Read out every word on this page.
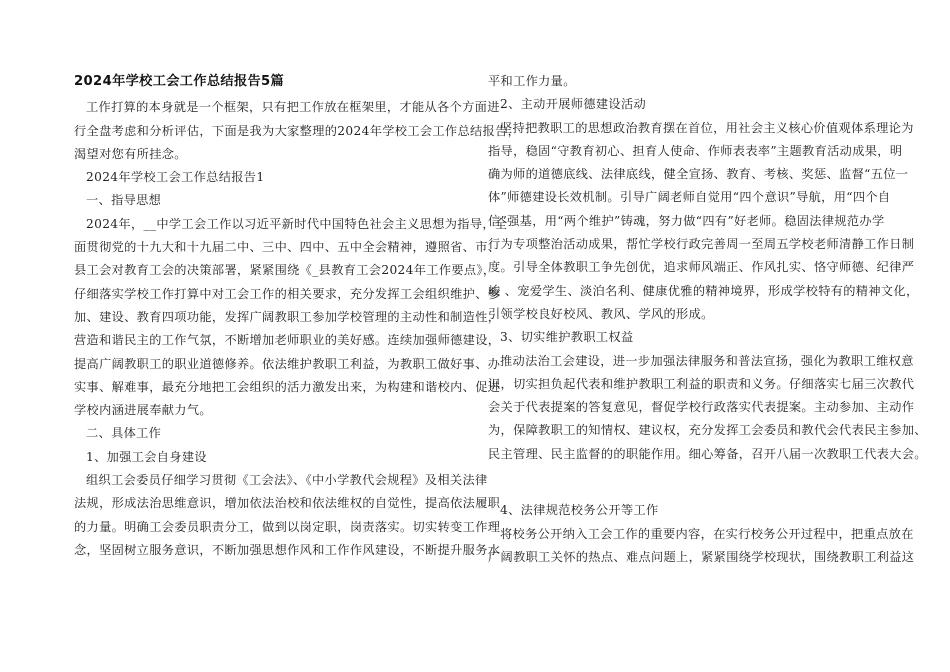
2024年学校工会工作总结报告5篇
工作打算的本身就是一个框架，只有把工作放在框架里，才能从各个方面进
行全盘考虑和分析评估，下面是我为大家整理的2024年学校工会工作总结报告，
渴望对您有所挂念。
2024年学校工会工作总结报告1
一、指导思想
2024年，__中学工会工作以习近平新时代中国特色社会主义思想为指导，全
面贯彻党的十九大和十九届二中、三中、四中、五中全会精神，遵照省、市、
县工会对教育工会的决策部署，紧紧围绕《_县教育工会2024年工作要点》，
仔细落实学校工作打算中对工会工作的相关要求，充分发挥工会组织维护、参
加、建设、教育四项功能，发挥广阔教职工参加学校管理的主动性和制造性，
营造和谐民主的工作气氛，不断增加老师职业的美好感。连续加强师德建设，
提高广阔教职工的职业道德修养。依法维护教职工利益，为教职工做好事、办
实事、解难事，最充分地把工会组织的活力激发出来，为构建和谐校内、促进
学校内涵进展奉献力气。
二、具体工作
1、加强工会自身建设
组织工会委员仔细学习贯彻《工会法》、《中小学教代会规程》及相关法律
法规，形成法治思维意识，增加依法治校和依法维权的自觉性，提高依法履职
的力量。明确工会委员职责分工，做到以岗定职，岗责落实。切实转变工作理
念，坚固树立服务意识，不断加强思想作风和工作作风建设，不断提升服务水
平和工作力量。
2、主动开展师德建设活动
坚持把教职工的思想政治教育摆在首位，用社会主义核心价值观体系理论为
指导，稳固“守教育初心、担育人使命、作师表表率”主题教育活动成果，明
确为师的道德底线、法律底线，健全宣扬、教育、考核、奖惩、监督“五位一
体”师德建设长效机制。引导广阔老师自觉用“四个意识”导航，用“四个自
信”强基，用“两个维护”铸魂，努力做“四有”好老师。稳固法律规范办学
行为专项整治活动成果，帮忙学校行政完善周一至周五学校老师清静工作日制
度。引导全体教职工争先创优，追求师风端正、作风扎实、恪守师德、纪律严
峻 、宠爱学生、淡泊名利、健康优雅的精神境界，形成学校特有的精神文化，
引领学校良好校风、教风、学风的形成。
3、切实维护教职工权益
推动法治工会建设，进一步加强法律服务和普法宣扬，强化为教职工维权意
识，切实担负起代表和维护教职工利益的职责和义务。仔细落实七届三次教代
会关于代表提案的答复意见，督促学校行政落实代表提案。主动参加、主动作
为，保障教职工的知情权、建议权，充分发挥工会委员和教代会代表民主参加、
民主管理、民主监督的的职能作用。细心筹备，召开八届一次教职工代表大会。
4、法律规范校务公开等工作
将校务公开纳入工会工作的重要内容，在实行校务公开过程中，把重点放在
广阔教职工关怀的热点、难点问题上，紧紧围绕学校现状，围绕教职工利益这
